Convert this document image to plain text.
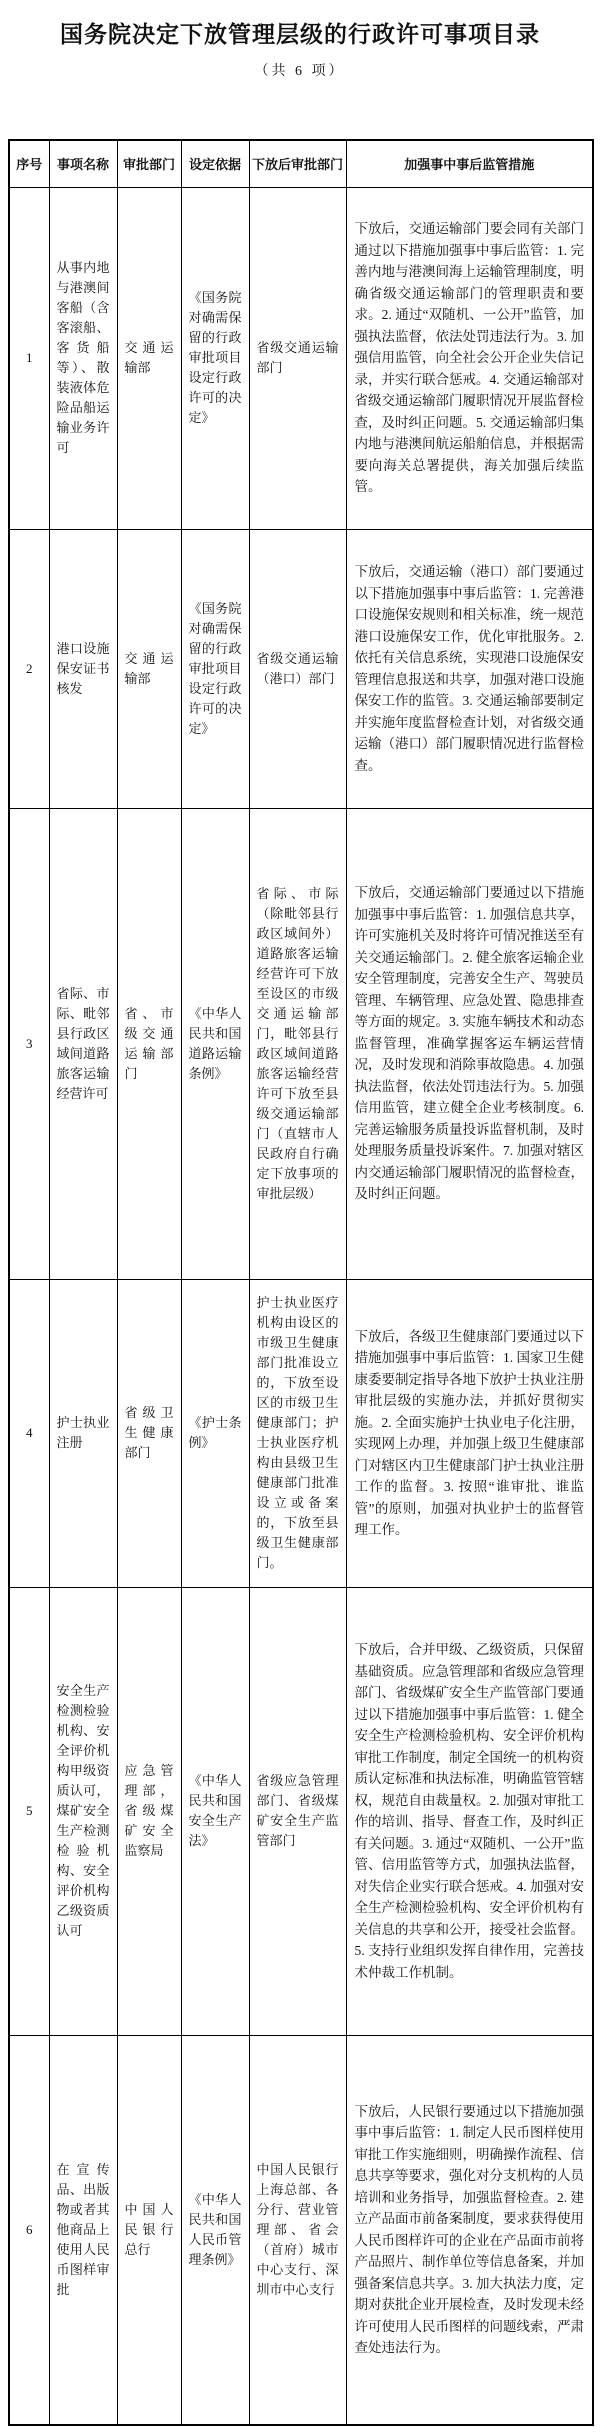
国务院决定下放管理层级的行政许可事项目录
（共 6 项）
序号	事项名称	审批部门	设定依据	下放后审批部门	加强事中事后监管措施
1	从事内地与港澳间客船（含客滚船、客货船等）、散装液体危险品船运输业务许可	交通运输部	《国务院对确需保留的行政审批项目设定行政许可的决定》	省级交通运输部门	下放后，交通运输部门要会同有关部门通过以下措施加强事中事后监管：1. 完善内地与港澳间海上运输管理制度，明确省级交通运输部门的管理职责和要求。2. 通过“双随机、一公开”监管，加强执法监督，依法处罚违法行为。3. 加强信用监管，向全社会公开企业失信记录，并实行联合惩戒。4. 交通运输部对省级交通运输部门履职情况开展监督检查，及时纠正问题。5. 交通运输部归集内地与港澳间航运船舶信息，并根据需要向海关总署提供，海关加强后续监管。
2	港口设施保安证书核发	交通运输部	《国务院对确需保留的行政审批项目设定行政许可的决定》	省级交通运输（港口）部门	下放后，交通运输（港口）部门要通过以下措施加强事中事后监管：1. 完善港口设施保安规则和相关标准，统一规范港口设施保安工作，优化审批服务。2. 依托有关信息系统，实现港口设施保安管理信息报送和共享，加强对港口设施保安工作的监管。3. 交通运输部要制定并实施年度监督检查计划，对省级交通运输（港口）部门履职情况进行监督检查。
3	省际、市际、毗邻县行政区域间道路旅客运输经营许可	省、市级交通运输部门	《中华人民共和国道路运输条例》	省际、市际（除毗邻县行政区域间外）道路旅客运输经营许可下放至设区的市级交通运输部门，毗邻县行政区域间道路旅客运输经营许可下放至县级交通运输部门（直辖市人民政府自行确定下放事项的审批层级）	下放后，交通运输部门要通过以下措施加强事中事后监管：1. 加强信息共享，许可实施机关及时将许可情况推送至有关交通运输部门。2. 健全旅客运输企业安全管理制度，完善安全生产、驾驶员管理、车辆管理、应急处置、隐患排查等方面的规定。3. 实施车辆技术和动态监督管理，准确掌握客运车辆运营情况，及时发现和消除事故隐患。4. 加强执法监督，依法处罚违法行为。5. 加强信用监管，建立健全企业考核制度。6. 完善运输服务质量投诉监督机制，及时处理服务质量投诉案件。7. 加强对辖区内交通运输部门履职情况的监督检查，及时纠正问题。
4	护士执业注册	省级卫生健康部门	《护士条例》	护士执业医疗机构由设区的市级卫生健康部门批准设立的，下放至设区的市级卫生健康部门；护士执业医疗机构由县级卫生健康部门批准设立或备案的，下放至县级卫生健康部门。	下放后，各级卫生健康部门要通过以下措施加强事中事后监管：1. 国家卫生健康委要制定指导各地下放护士执业注册审批层级的实施办法，并抓好贯彻实施。2. 全面实施护士执业电子化注册，实现网上办理，并加强上级卫生健康部门对辖区内卫生健康部门护士执业注册工作的监督。3. 按照“谁审批、谁监管”的原则，加强对执业护士的监督管理工作。
5	安全生产检测检验机构、安全评价机构甲级资质认可，煤矿安全生产检测检验机构、安全评价机构乙级资质认可	应急管理部，省级煤矿安全监察局	《中华人民共和国安全生产法》	省级应急管理部门、省级煤矿安全生产监管部门	下放后，合并甲级、乙级资质，只保留基础资质。应急管理部和省级应急管理部门、省级煤矿安全生产监管部门要通过以下措施加强事中事后监管：1. 健全安全生产检测检验机构、安全评价机构审批工作制度，制定全国统一的机构资质认定标准和执法标准，明确监管管辖权，规范自由裁量权。2. 加强对审批工作的培训、指导、督查工作，及时纠正有关问题。3. 通过“双随机、一公开”监管、信用监管等方式，加强执法监督，对失信企业实行联合惩戒。4. 加强对安全生产检测检验机构、安全评价机构有关信息的共享和公开，接受社会监督。5. 支持行业组织发挥自律作用，完善技术仲裁工作机制。
6	在宣传品、出版物或者其他商品上使用人民币图样审批	中国人民银行总行	《中华人民共和国人民币管理条例》	中国人民银行上海总部、各分行、营业管理部、省会（首府）城市中心支行、深圳市中心支行	下放后，人民银行要通过以下措施加强事中事后监管：1. 制定人民币图样使用审批工作实施细则，明确操作流程、信息共享等要求，强化对分支机构的人员培训和业务指导，加强监督检查。2. 建立产品面市前备案制度，要求获得使用人民币图样许可的企业在产品面市前将产品照片、制作单位等信息备案，并加强备案信息共享。3. 加大执法力度，定期对获批企业开展检查，及时发现未经许可使用人民币图样的问题线索，严肃查处违法行为。
